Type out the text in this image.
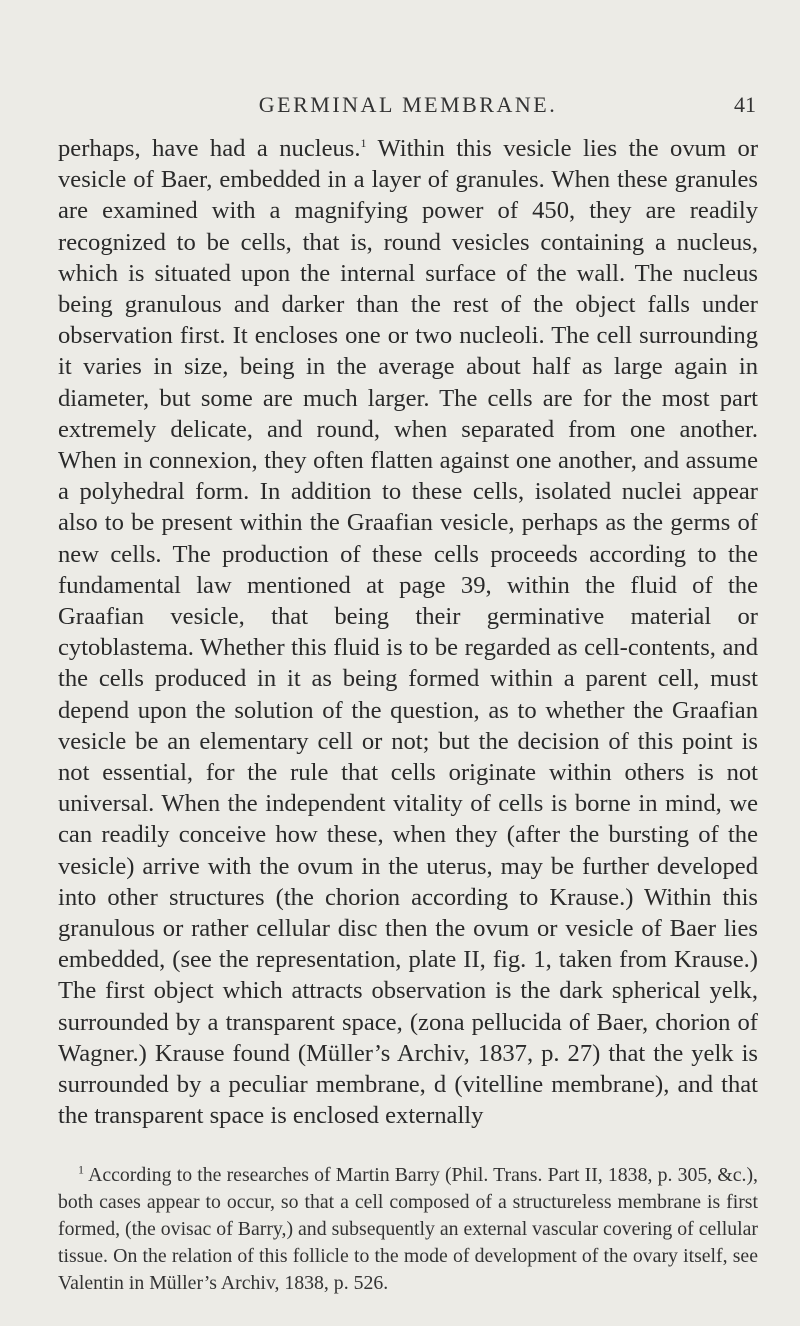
GERMINAL MEMBRANE.	41

perhaps, have had a nucleus.$^1$ Within this vesicle lies the ovum or vesicle of Baer, embedded in a layer of granules. When these granules are examined with a magnifying power of 450, they are readily recognized to be cells, that is, round vesicles containing a nucleus, which is situated upon the internal surface of the wall. The nucleus being granulous and darker than the rest of the object falls under observation first. It encloses one or two nucleoli. The cell surrounding it varies in size, being in the average about half as large again in diameter, but some are much larger. The cells are for the most part extremely delicate, and round, when separated from one another. When in connexion, they often flatten against one another, and assume a polyhedral form. In addition to these cells, isolated nuclei appear also to be present within the Graafian vesicle, perhaps as the germs of new cells. The production of these cells proceeds according to the fundamental law mentioned at page 39, within the fluid of the Graafian vesicle, that being their germinative material or cytoblastema. Whether this fluid is to be regarded as cell-contents, and the cells produced in it as being formed within a parent cell, must depend upon the solution of the question, as to whether the Graafian vesicle be an elementary cell or not; but the decision of this point is not essential, for the rule that cells originate within others is not universal. When the independent vitality of cells is borne in mind, we can readily conceive how these, when they (after the bursting of the vesicle) arrive with the ovum in the uterus, may be further developed into other structures (the chorion according to Krause.) Within this granulous or rather cellular disc then the ovum or vesicle of Baer lies embedded, (see the representation, plate II, fig. 1, taken from Krause.) The first object which attracts observation is the dark spherical yelk, surrounded by a transparent space, (zona pellucida of Baer, chorion of Wagner.) Krause found (Müller’s Archiv, 1837, p. 27) that the yelk is surrounded by a peculiar membrane, d (vitelline membrane), and that the transparent space is enclosed externally

$^1$ According to the researches of Martin Barry (Phil. Trans. Part II, 1838, p. 305, &c.), both cases appear to occur, so that a cell composed of a structureless membrane is first formed, (the ovisac of Barry,) and subsequently an external vascular covering of cellular tissue. On the relation of this follicle to the mode of development of the ovary itself, see Valentin in Müller’s Archiv, 1838, p. 526.
